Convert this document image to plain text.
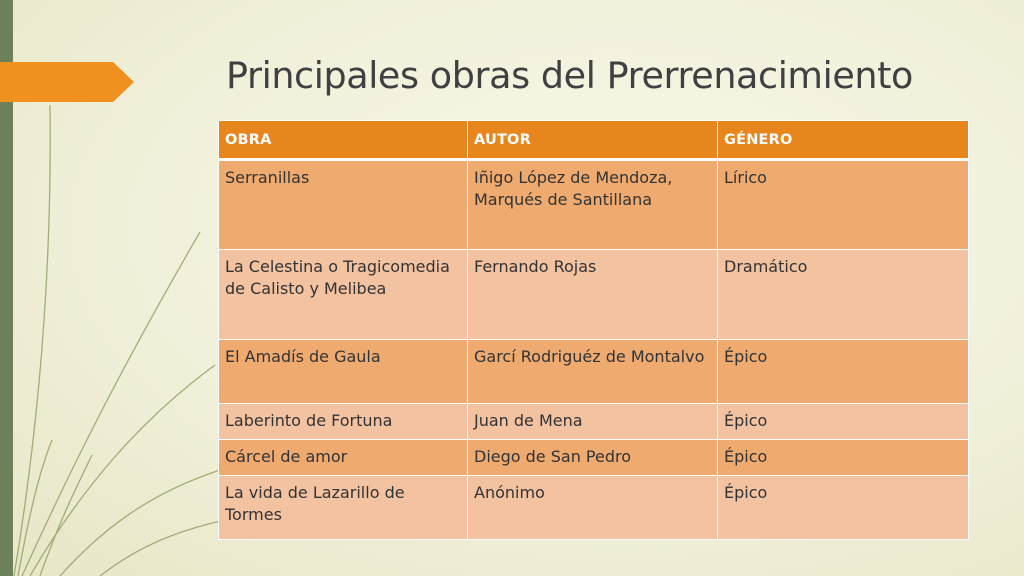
Principales obras del Prerrenacimiento
OBRA	AUTOR	GÉNERO
Serranillas	Iñigo López de Mendoza, Marqués de Santillana	Lírico
La Celestina o Tragicomedia de Calisto y Melibea	Fernando Rojas	Dramático
El Amadís de Gaula	Garcí Rodriguéz de Montalvo	Épico
Laberinto de Fortuna	Juan de Mena	Épico
Cárcel de amor	Diego de San Pedro	Épico
La vida de Lazarillo de Tormes	Anónimo	Épico
